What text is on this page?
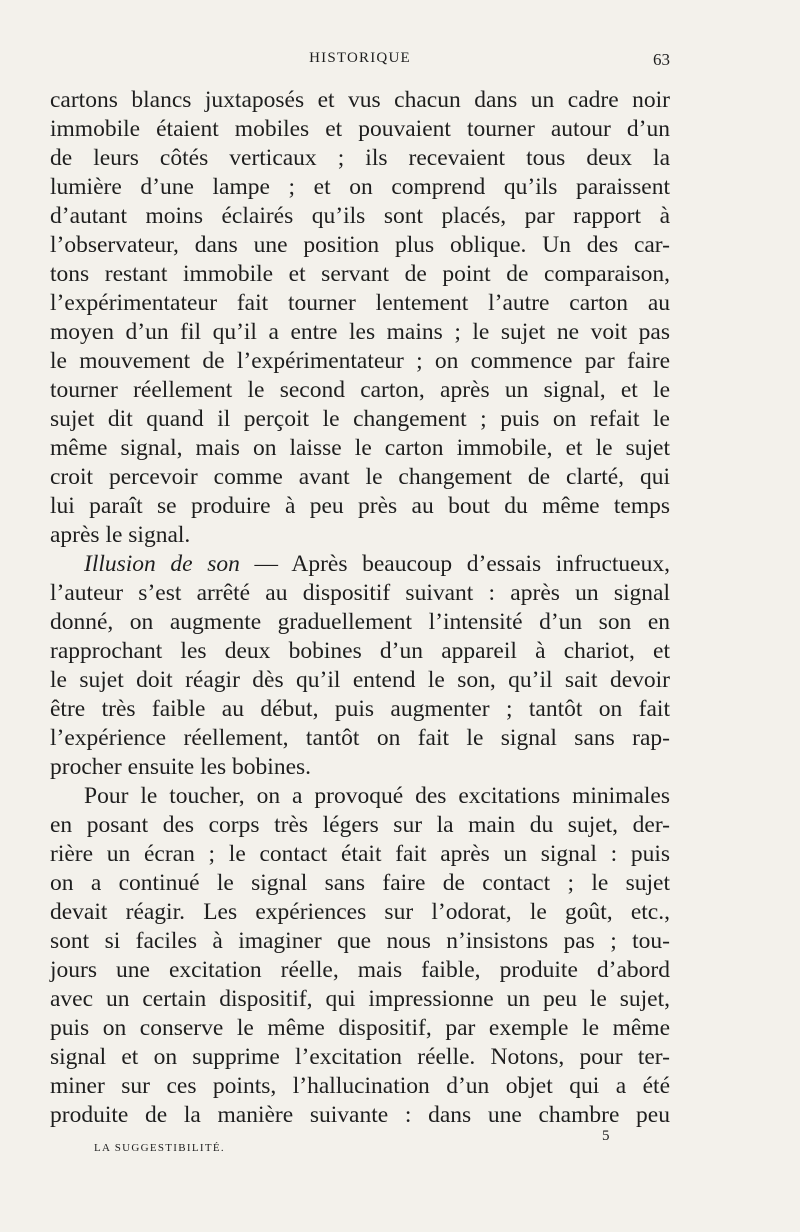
HISTORIQUE	63
cartons blancs juxtaposés et vus chacun dans un cadre noir
immobile étaient mobiles et pouvaient tourner autour d’un
de leurs côtés verticaux ; ils recevaient tous deux la
lumière d’une lampe ; et on comprend qu’ils paraissent
d’autant moins éclairés qu’ils sont placés, par rapport à
l’observateur, dans une position plus oblique. Un des car-
tons restant immobile et servant de point de comparaison,
l’expérimentateur fait tourner lentement l’autre carton au
moyen d’un fil qu’il a entre les mains ; le sujet ne voit pas
le mouvement de l’expérimentateur ; on commence par faire
tourner réellement le second carton, après un signal, et le
sujet dit quand il perçoit le changement ; puis on refait le
même signal, mais on laisse le carton immobile, et le sujet
croit percevoir comme avant le changement de clarté, qui
lui paraît se produire à peu près au bout du même temps
après le signal.
Illusion de son — Après beaucoup d’essais infructueux,
l’auteur s’est arrêté au dispositif suivant : après un signal
donné, on augmente graduellement l’intensité d’un son en
rapprochant les deux bobines d’un appareil à chariot, et
le sujet doit réagir dès qu’il entend le son, qu’il sait devoir
être très faible au début, puis augmenter ; tantôt on fait
l’expérience réellement, tantôt on fait le signal sans rap-
procher ensuite les bobines.
Pour le toucher, on a provoqué des excitations minimales
en posant des corps très légers sur la main du sujet, der-
rière un écran ; le contact était fait après un signal : puis
on a continué le signal sans faire de contact ; le sujet
devait réagir. Les expériences sur l’odorat, le goût, etc.,
sont si faciles à imaginer que nous n’insistons pas ; tou-
jours une excitation réelle, mais faible, produite d’abord
avec un certain dispositif, qui impressionne un peu le sujet,
puis on conserve le même dispositif, par exemple le même
signal et on supprime l’excitation réelle. Notons, pour ter-
miner sur ces points, l’hallucination d’un objet qui a été
produite de la manière suivante : dans une chambre peu
LA SUGGESTIBILITÉ.
5
